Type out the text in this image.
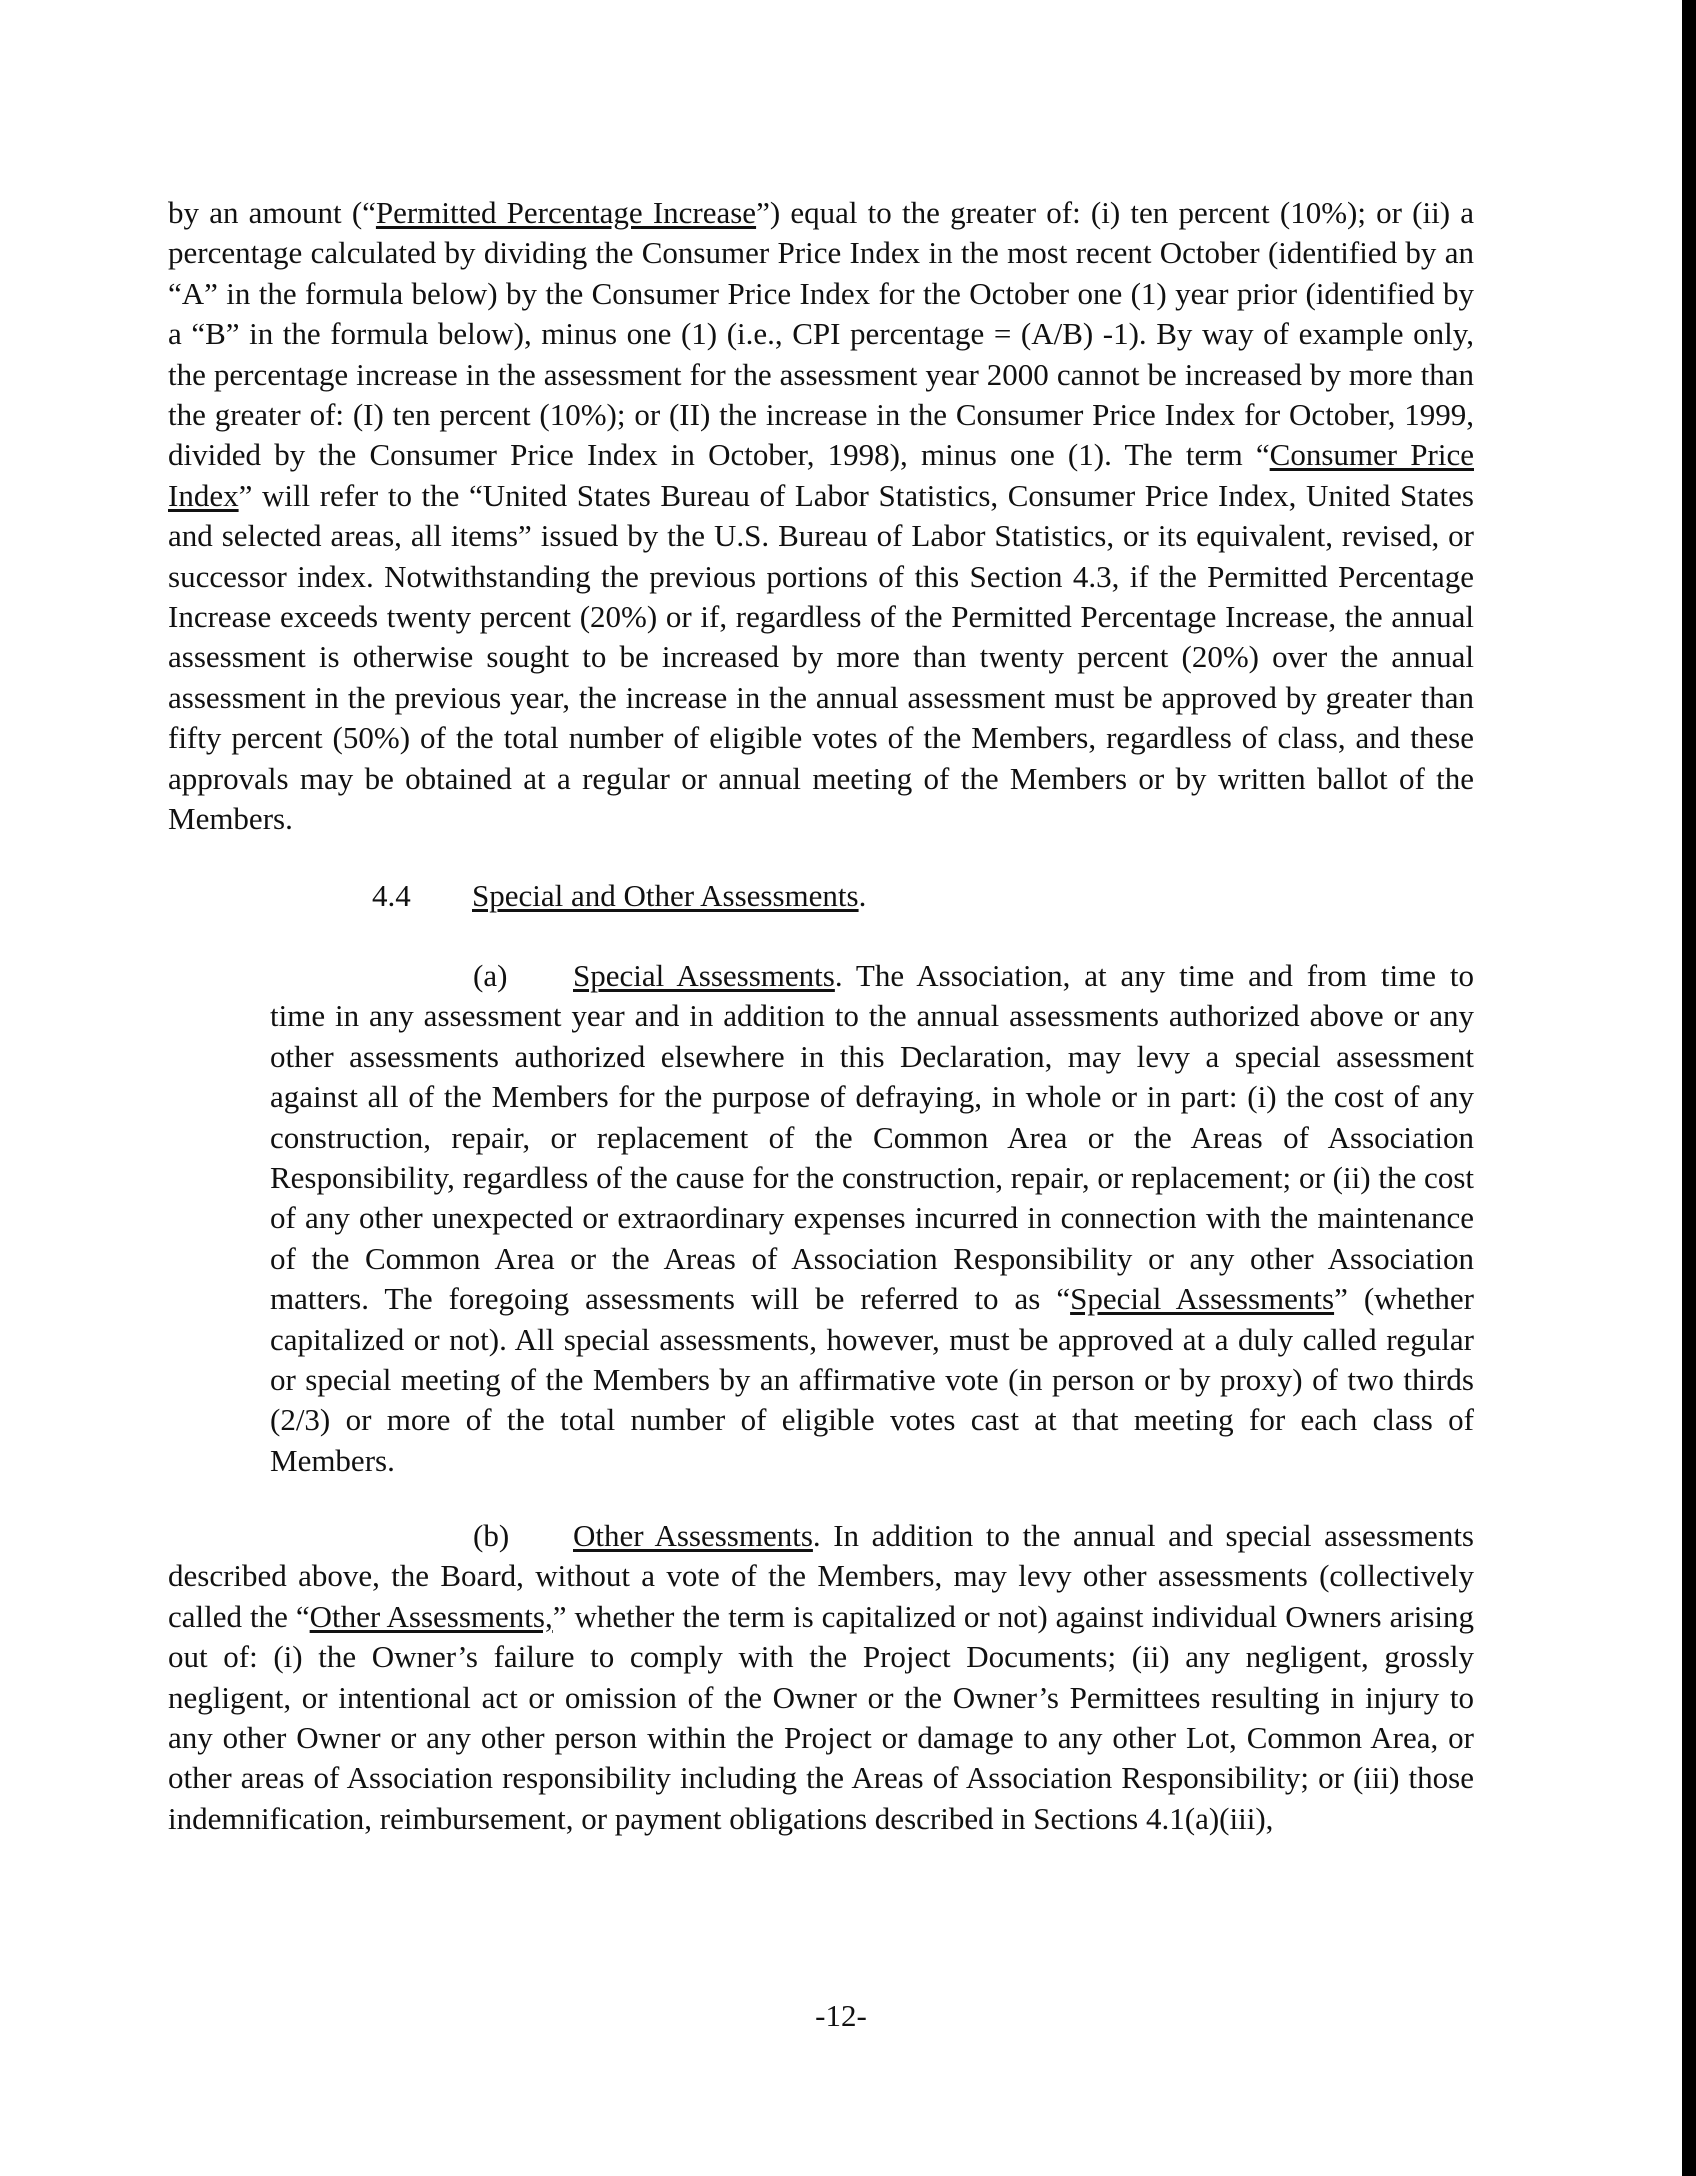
by an amount (“Permitted Percentage Increase”) equal to the greater of: (i) ten percent (10%); or (ii) a percentage calculated by dividing the Consumer Price Index in the most recent October (identified by an “A” in the formula below) by the Consumer Price Index for the October one (1) year prior (identified by a “B” in the formula below), minus one (1) (i.e., CPI percentage = (A/B) -1). By way of example only, the percentage increase in the assessment for the assessment year 2000 cannot be increased by more than the greater of: (I) ten percent (10%); or (II) the increase in the Consumer Price Index for October, 1999, divided by the Consumer Price Index in October, 1998), minus one (1). The term “Consumer Price Index” will refer to the “United States Bureau of Labor Statistics, Consumer Price Index, United States and selected areas, all items” issued by the U.S. Bureau of Labor Statistics, or its equivalent, revised, or successor index. Notwithstanding the previous portions of this Section 4.3, if the Permitted Percentage Increase exceeds twenty percent (20%) or if, regardless of the Permitted Percentage Increase, the annual assessment is otherwise sought to be increased by more than twenty percent (20%) over the annual assessment in the previous year, the increase in the annual assessment must be approved by greater than fifty percent (50%) of the total number of eligible votes of the Members, regardless of class, and these approvals may be obtained at a regular or annual meeting of the Members or by written ballot of the Members.

4.4 Special and Other Assessments.

(a) Special Assessments. The Association, at any time and from time to time in any assessment year and in addition to the annual assessments authorized above or any other assessments authorized elsewhere in this Declaration, may levy a special assessment against all of the Members for the purpose of defraying, in whole or in part: (i) the cost of any construction, repair, or replacement of the Common Area or the Areas of Association Responsibility, regardless of the cause for the construction, repair, or replacement; or (ii) the cost of any other unexpected or extraordinary expenses incurred in connection with the maintenance of the Common Area or the Areas of Association Responsibility or any other Association matters. The foregoing assessments will be referred to as “Special Assessments” (whether capitalized or not). All special assessments, however, must be approved at a duly called regular or special meeting of the Members by an affirmative vote (in person or by proxy) of two thirds (2/3) or more of the total number of eligible votes cast at that meeting for each class of Members.

(b) Other Assessments. In addition to the annual and special assessments described above, the Board, without a vote of the Members, may levy other assessments (collectively called the “Other Assessments,” whether the term is capitalized or not) against individual Owners arising out of: (i) the Owner’s failure to comply with the Project Documents; (ii) any negligent, grossly negligent, or intentional act or omission of the Owner or the Owner’s Permittees resulting in injury to any other Owner or any other person within the Project or damage to any other Lot, Common Area, or other areas of Association responsibility including the Areas of Association Responsibility; or (iii) those indemnification, reimbursement, or payment obligations described in Sections 4.1(a)(iii),

-12-
